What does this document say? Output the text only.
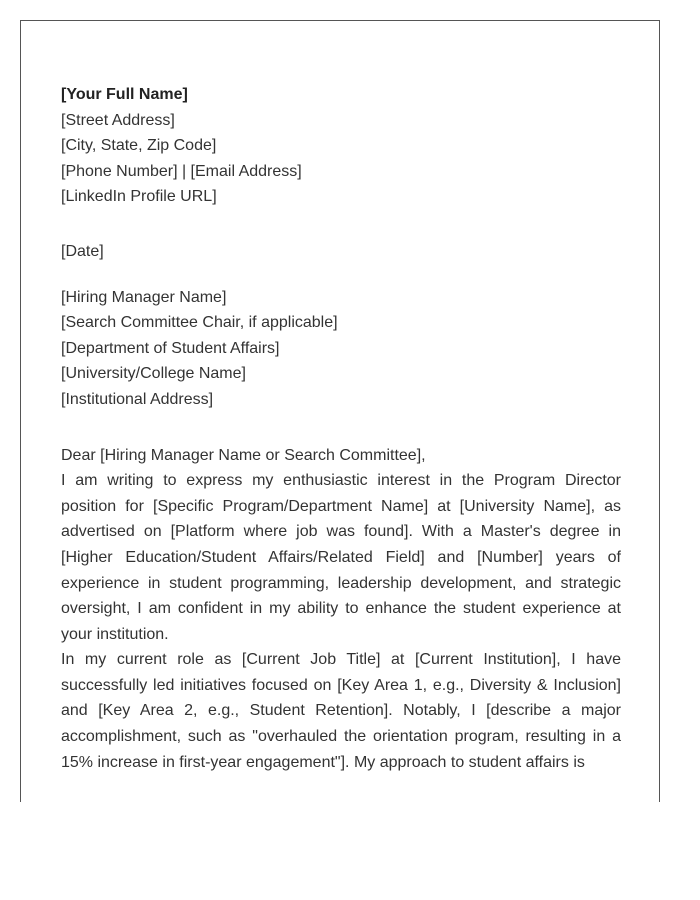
[Your Full Name]
[Street Address]
[City, State, Zip Code]
[Phone Number] | [Email Address]
[LinkedIn Profile URL]
[Date]
[Hiring Manager Name]
[Search Committee Chair, if applicable]
[Department of Student Affairs]
[University/College Name]
[Institutional Address]
Dear [Hiring Manager Name or Search Committee],

I am writing to express my enthusiastic interest in the Program Director position for [Specific Program/Department Name] at [University Name], as advertised on [Platform where job was found]. With a Master's degree in [Higher Education/Student Affairs/Related Field] and [Number] years of experience in student programming, leadership development, and strategic oversight, I am confident in my ability to enhance the student experience at your institution.

In my current role as [Current Job Title] at [Current Institution], I have successfully led initiatives focused on [Key Area 1, e.g., Diversity & Inclusion] and [Key Area 2, e.g., Student Retention]. Notably, I [describe a major accomplishment, such as "overhauled the orientation program, resulting in a 15% increase in first-year engagement"]. My approach to student affairs is
